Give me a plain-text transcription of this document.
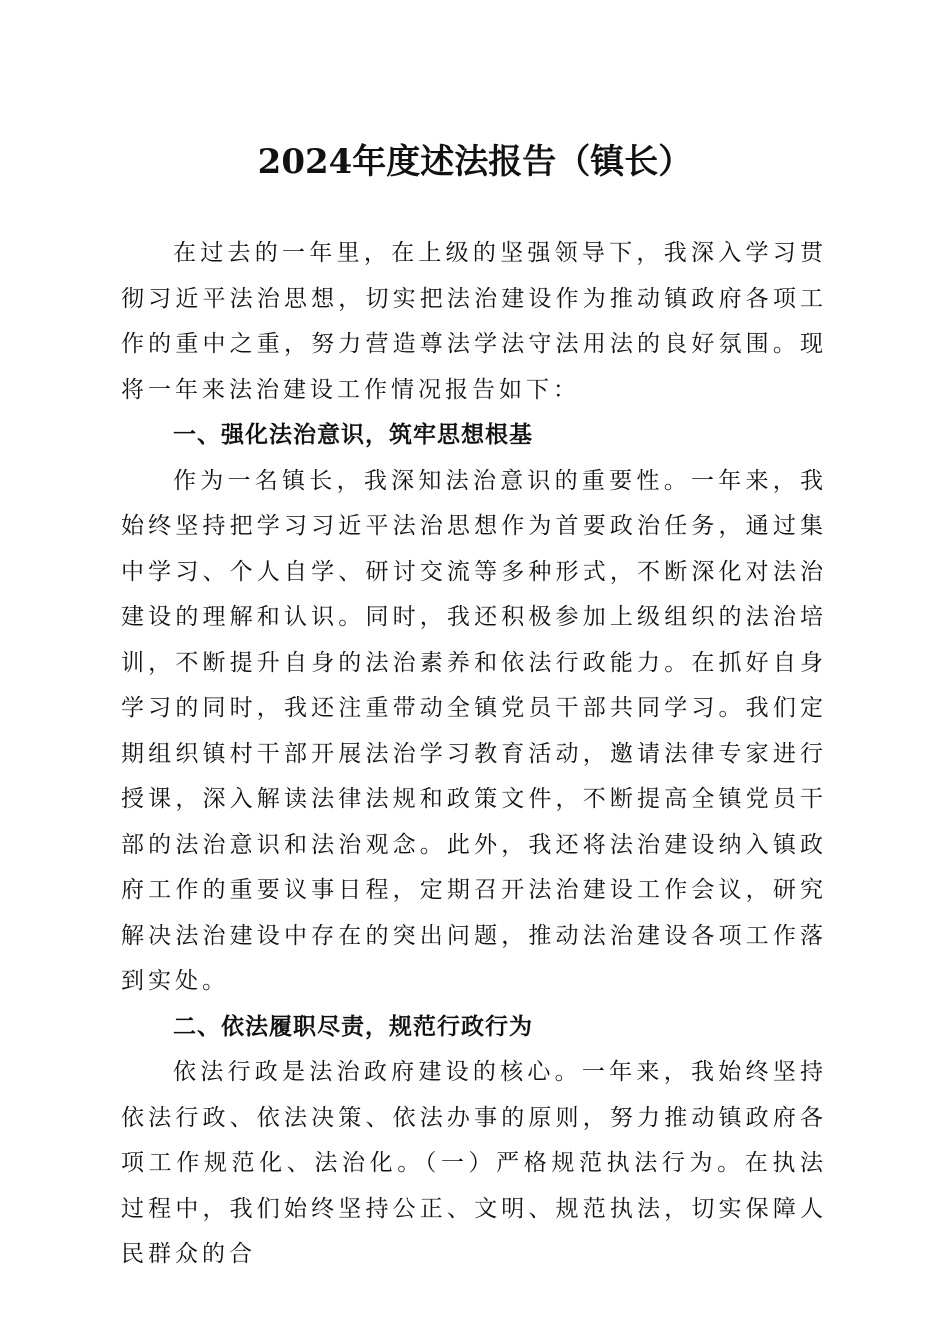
2024年度述法报告（镇长）

在过去的一年里，在上级的坚强领导下，我深入学习贯彻习近平法治思想，切实把法治建设作为推动镇政府各项工作的重中之重，努力营造尊法学法守法用法的良好氛围。现将一年来法治建设工作情况报告如下：

一、强化法治意识，筑牢思想根基

作为一名镇长，我深知法治意识的重要性。一年来，我始终坚持把学习习近平法治思想作为首要政治任务，通过集中学习、个人自学、研讨交流等多种形式，不断深化对法治建设的理解和认识。同时，我还积极参加上级组织的法治培训，不断提升自身的法治素养和依法行政能力。在抓好自身学习的同时，我还注重带动全镇党员干部共同学习。我们定期组织镇村干部开展法治学习教育活动，邀请法律专家进行授课，深入解读法律法规和政策文件，不断提高全镇党员干部的法治意识和法治观念。此外，我还将法治建设纳入镇政府工作的重要议事日程，定期召开法治建设工作会议，研究解决法治建设中存在的突出问题，推动法治建设各项工作落到实处。

二、依法履职尽责，规范行政行为

依法行政是法治政府建设的核心。一年来，我始终坚持依法行政、依法决策、依法办事的原则，努力推动镇政府各项工作规范化、法治化。（一）严格规范执法行为。在执法过程中，我们始终坚持公正、文明、规范执法，切实保障人民群众的合
